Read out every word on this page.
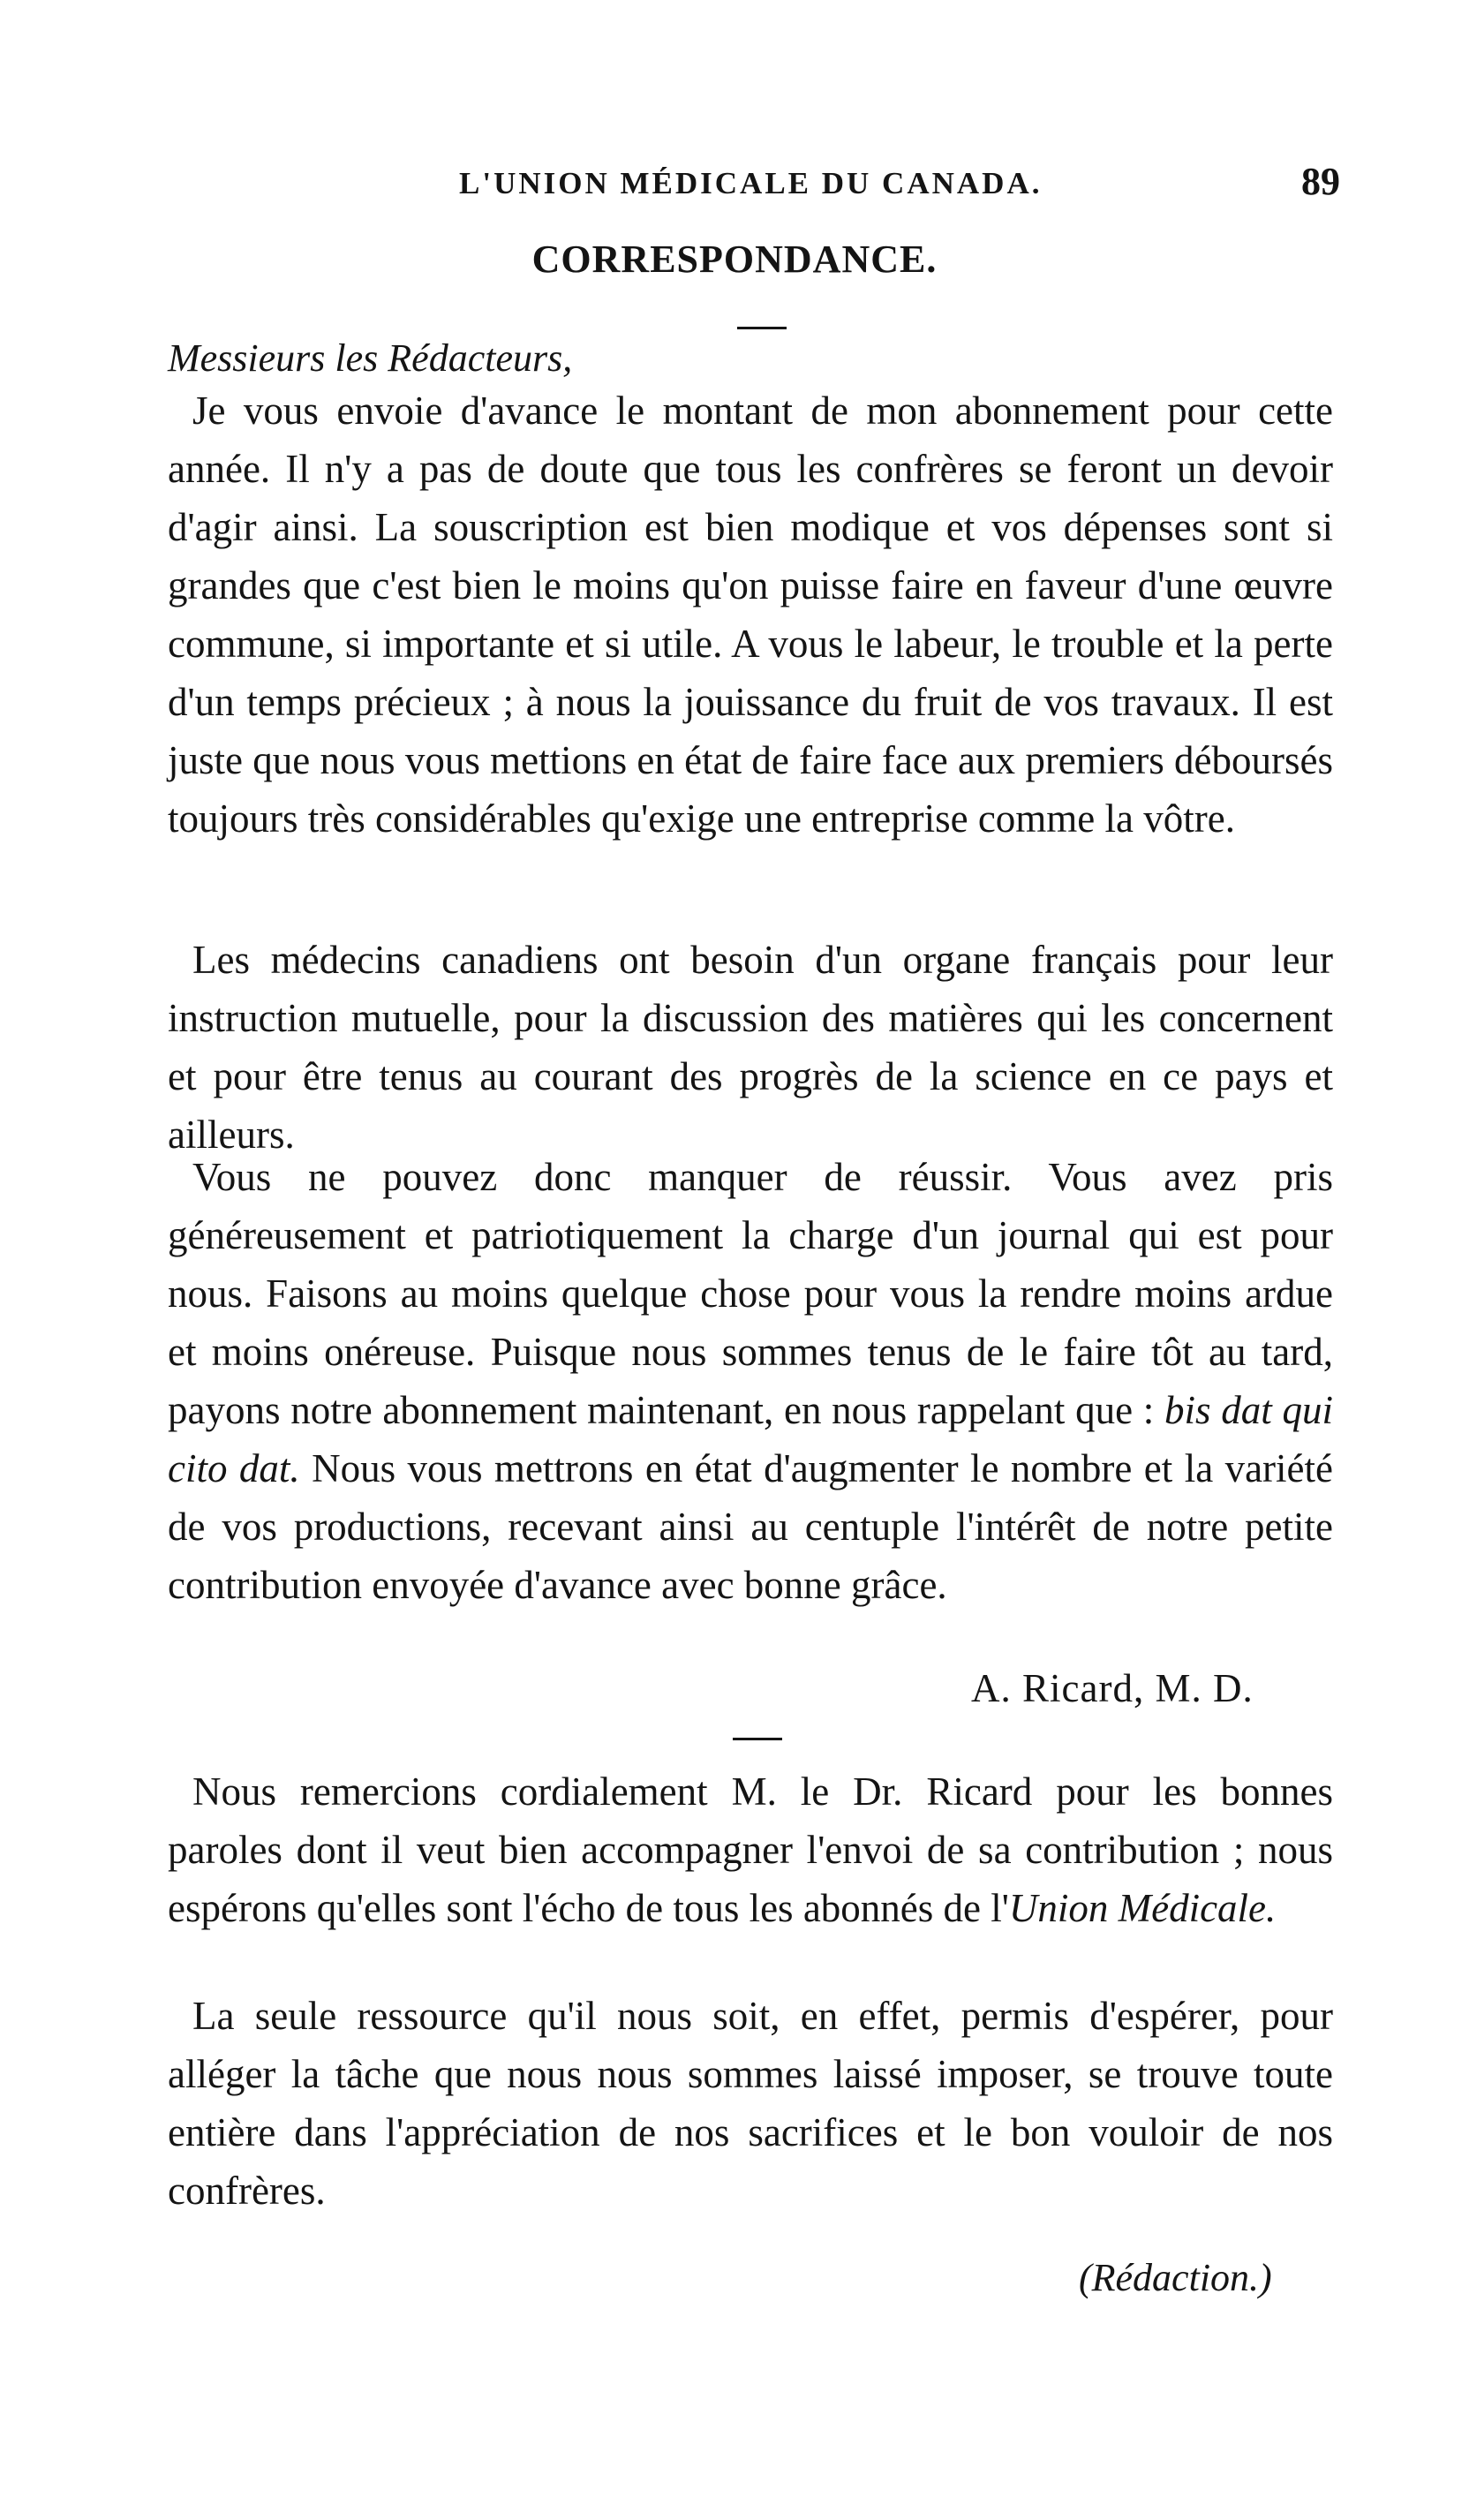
L'UNION MÉDICALE DU CANADA.	89
CORRESPONDANCE.
Messieurs les Rédacteurs,

Je vous envoie d'avance le montant de mon abonnement pour cette année. Il n'y a pas de doute que tous les confrères se feront un devoir d'agir ainsi. La souscription est bien modique et vos dépenses sont si grandes que c'est bien le moins qu'on puisse faire en faveur d'une œuvre commune, si importante et si utile. A vous le labeur, le trouble et la perte d'un temps précieux ; à nous la jouissance du fruit de vos travaux. Il est juste que nous vous mettions en état de faire face aux premiers déboursés toujours très considérables qu'exige une entreprise comme la vôtre.

Les médecins canadiens ont besoin d'un organe français pour leur instruction mutuelle, pour la discussion des matières qui les concernent et pour être tenus au courant des progrès de la science en ce pays et ailleurs.

Vous ne pouvez donc manquer de réussir. Vous avez pris généreusement et patriotiquement la charge d'un journal qui est pour nous. Faisons au moins quelque chose pour vous la rendre moins ardue et moins onéreuse. Puisque nous sommes tenus de le faire tôt au tard, payons notre abonnement maintenant, en nous rappelant que : bis dat qui cito dat. Nous vous mettrons en état d'augmenter le nombre et la variété de vos productions, recevant ainsi au centuple l'intérêt de notre petite contribution envoyée d'avance avec bonne grâce.

A. Ricard, M. D.

Nous remercions cordialement M. le Dr. Ricard pour les bonnes paroles dont il veut bien accompagner l'envoi de sa contribution ; nous espérons qu'elles sont l'écho de tous les abonnés de l'Union Médicale.

La seule ressource qu'il nous soit, en effet, permis d'espérer, pour alléger la tâche que nous nous sommes laissé imposer, se trouve toute entière dans l'appréciation de nos sacrifices et le bon vouloir de nos confrères.

(Rédaction.)
